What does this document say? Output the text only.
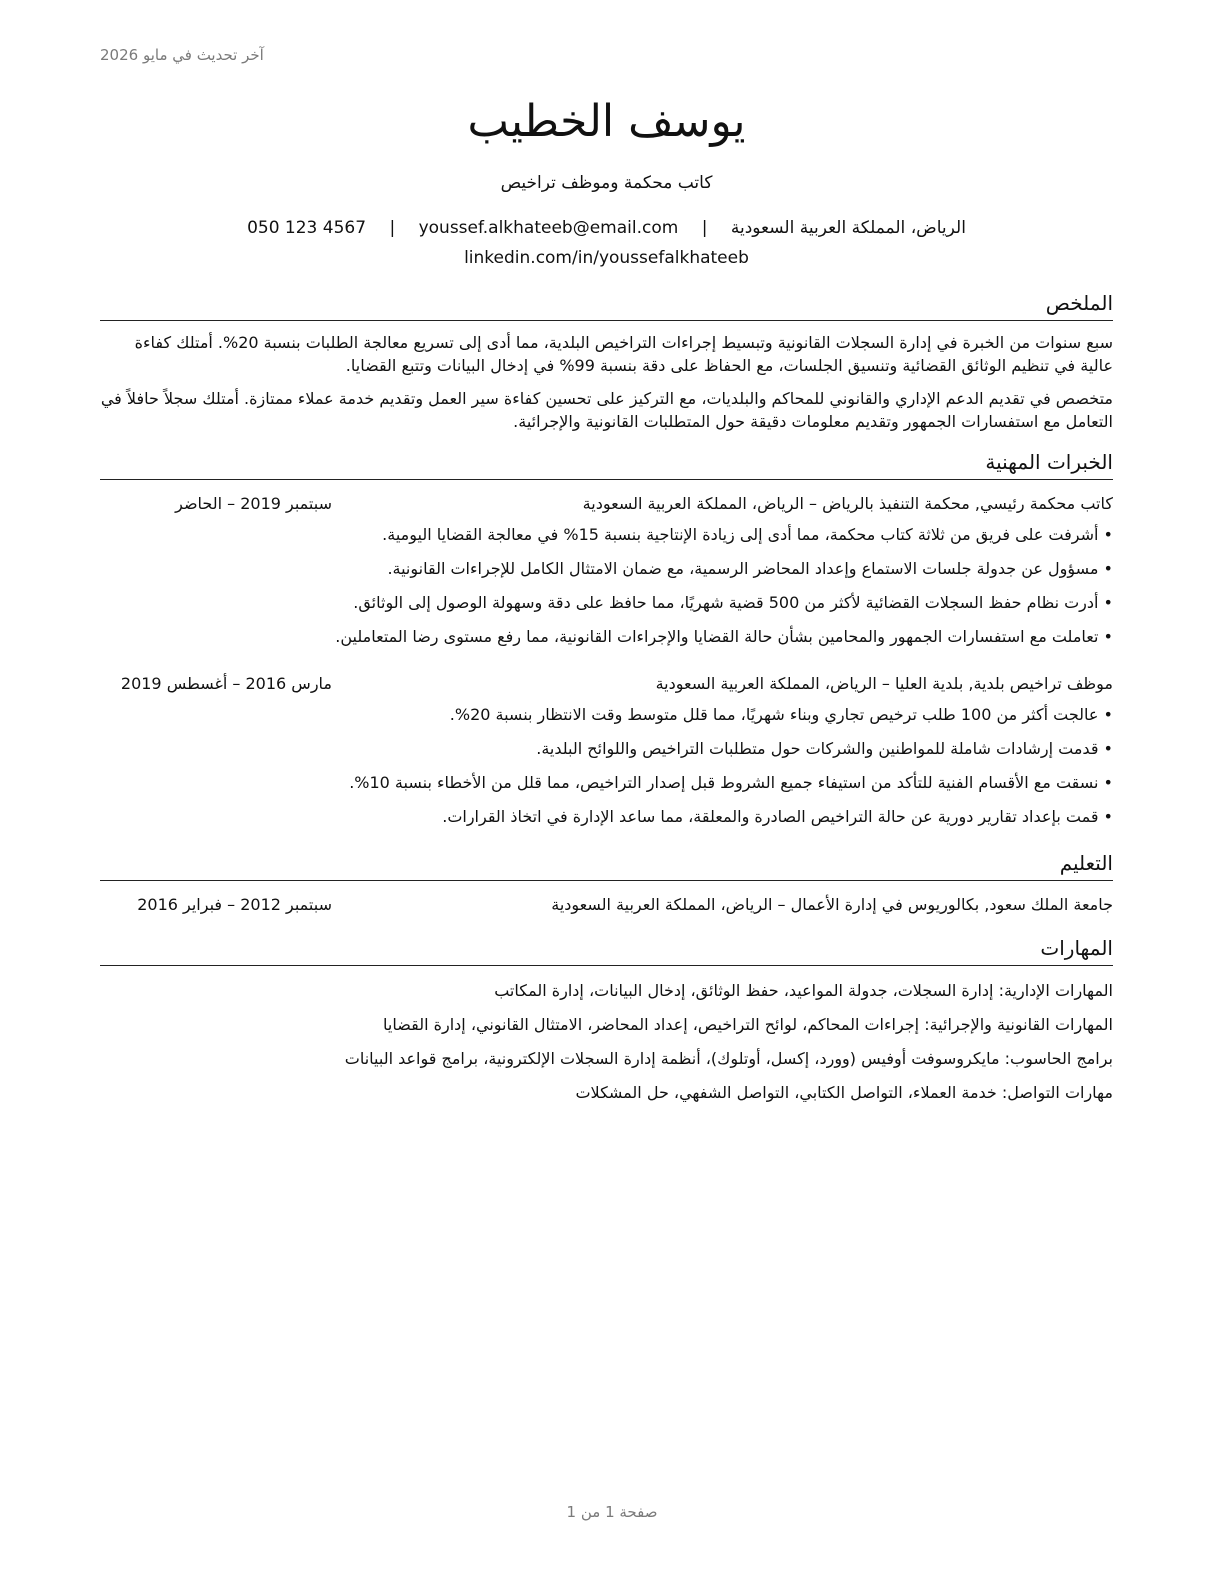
آخر تحديث في مايو 2026
يوسف الخطيب
كاتب محكمة وموظف تراخيص
الرياض، المملكة العربية السعودية | youssef.alkhateeb@email.com | 050 123 4567
linkedin.com/in/youssefalkhateeb
الملخص
سبع سنوات من الخبرة في إدارة السجلات القانونية وتبسيط إجراءات التراخيص البلدية، مما أدى إلى تسريع معالجة الطلبات بنسبة 20%. أمتلك كفاءة عالية في تنظيم الوثائق القضائية وتنسيق الجلسات، مع الحفاظ على دقة بنسبة 99% في إدخال البيانات وتتبع القضايا.
متخصص في تقديم الدعم الإداري والقانوني للمحاكم والبلديات، مع التركيز على تحسين كفاءة سير العمل وتقديم خدمة عملاء ممتازة. أمتلك سجلاً حافلاً في التعامل مع استفسارات الجمهور وتقديم معلومات دقيقة حول المتطلبات القانونية والإجرائية.
الخبرات المهنية
كاتب محكمة رئيسي, محكمة التنفيذ بالرياض – الرياض، المملكة العربية السعودية
سبتمبر 2019 – الحاضر
• أشرفت على فريق من ثلاثة كتاب محكمة، مما أدى إلى زيادة الإنتاجية بنسبة 15% في معالجة القضايا اليومية.
• مسؤول عن جدولة جلسات الاستماع وإعداد المحاضر الرسمية، مع ضمان الامتثال الكامل للإجراءات القانونية.
• أدرت نظام حفظ السجلات القضائية لأكثر من 500 قضية شهريًا، مما حافظ على دقة وسهولة الوصول إلى الوثائق.
• تعاملت مع استفسارات الجمهور والمحامين بشأن حالة القضايا والإجراءات القانونية، مما رفع مستوى رضا المتعاملين.
موظف تراخيص بلدية, بلدية العليا – الرياض، المملكة العربية السعودية
مارس 2016 – أغسطس 2019
• عالجت أكثر من 100 طلب ترخيص تجاري وبناء شهريًا، مما قلل متوسط وقت الانتظار بنسبة 20%.
• قدمت إرشادات شاملة للمواطنين والشركات حول متطلبات التراخيص واللوائح البلدية.
• نسقت مع الأقسام الفنية للتأكد من استيفاء جميع الشروط قبل إصدار التراخيص، مما قلل من الأخطاء بنسبة 10%.
• قمت بإعداد تقارير دورية عن حالة التراخيص الصادرة والمعلقة، مما ساعد الإدارة في اتخاذ القرارات.
التعليم
جامعة الملك سعود, بكالوريوس في إدارة الأعمال – الرياض، المملكة العربية السعودية
سبتمبر 2012 – فبراير 2016
المهارات
المهارات الإدارية: إدارة السجلات، جدولة المواعيد، حفظ الوثائق، إدخال البيانات، إدارة المكاتب
المهارات القانونية والإجرائية: إجراءات المحاكم، لوائح التراخيص، إعداد المحاضر، الامتثال القانوني، إدارة القضايا
برامج الحاسوب: مايكروسوفت أوفيس (وورد، إكسل، أوتلوك)، أنظمة إدارة السجلات الإلكترونية، برامج قواعد البيانات
مهارات التواصل: خدمة العملاء، التواصل الكتابي، التواصل الشفهي، حل المشكلات
صفحة 1 من 1
